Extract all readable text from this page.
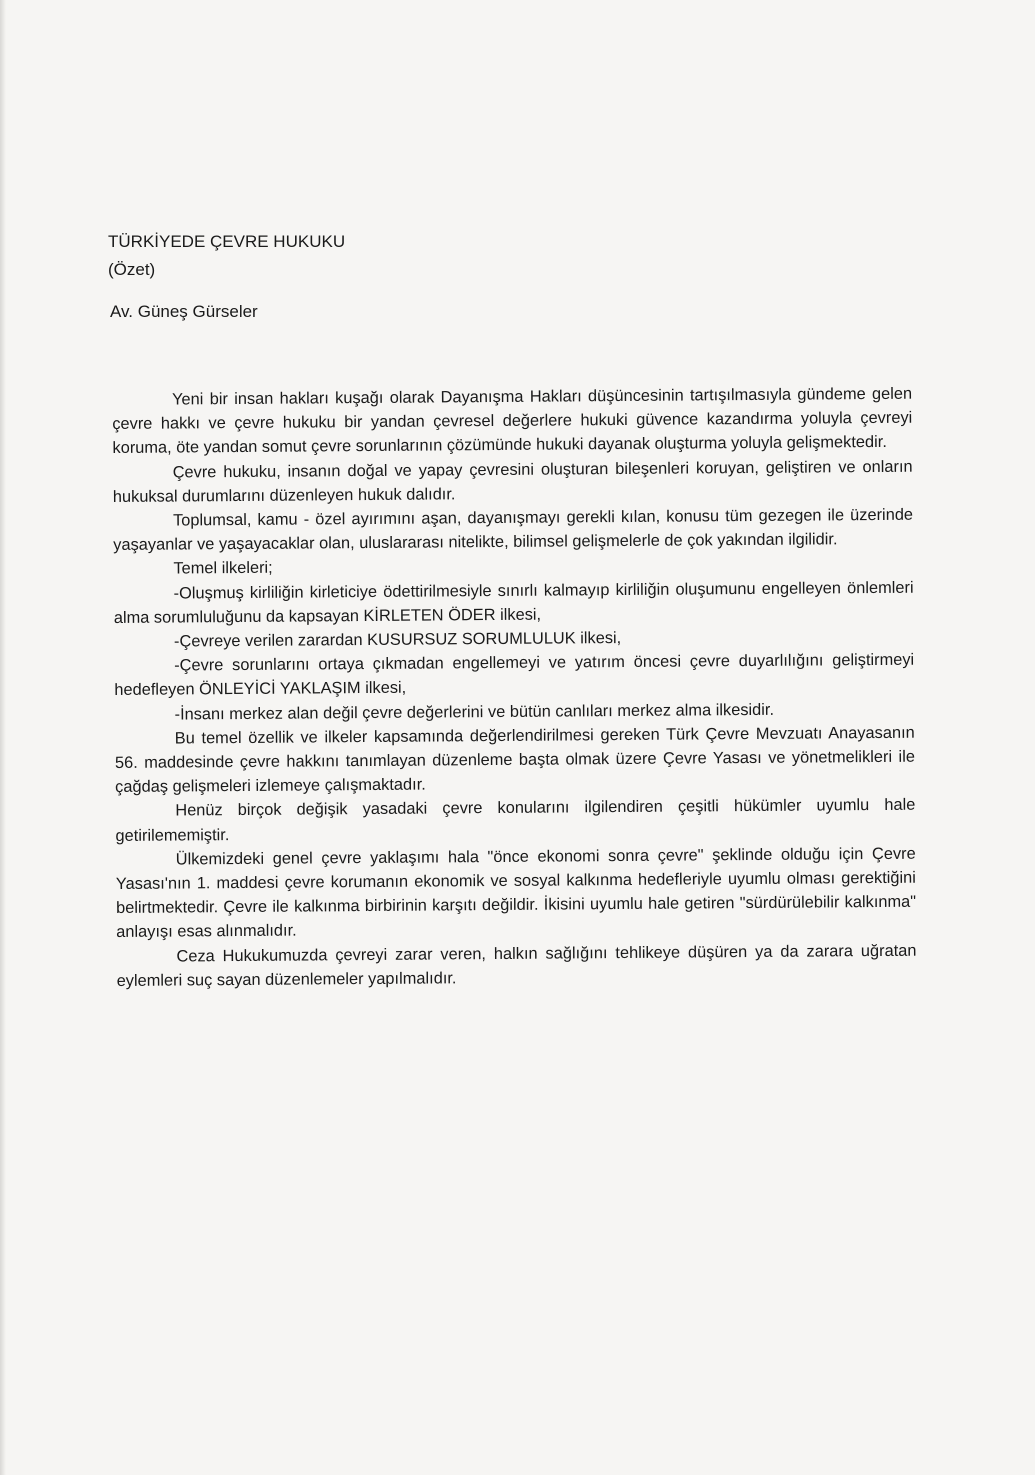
TÜRKİYEDE ÇEVRE HUKUKU
(Özet)
Av. Güneş Gürseler

Yeni bir insan hakları kuşağı olarak Dayanışma Hakları düşüncesinin tartışılmasıyla gündeme gelen çevre hakkı ve çevre hukuku bir yandan çevresel değerlere hukuki güvence kazandırma yoluyla çevreyi koruma, öte yandan somut çevre sorunlarının çözümünde hukuki dayanak oluşturma yoluyla gelişmektedir.

Çevre hukuku, insanın doğal ve yapay çevresini oluşturan bileşenleri koruyan, geliştiren ve onların hukuksal durumlarını düzenleyen hukuk dalıdır.

Toplumsal, kamu - özel ayırımını aşan, dayanışmayı gerekli kılan, konusu tüm gezegen ile üzerinde yaşayanlar ve yaşayacaklar olan, uluslararası nitelikte, bilimsel gelişmelerle de çok yakından ilgilidir.

Temel ilkeleri;

-Oluşmuş kirliliğin kirleticiye ödettirilmesiyle sınırlı kalmayıp kirliliğin oluşumunu engelleyen önlemleri alma sorumluluğunu da kapsayan KİRLETEN ÖDER ilkesi,

-Çevreye verilen zarardan KUSURSUZ SORUMLULUK ilkesi,

-Çevre sorunlarını ortaya çıkmadan engellemeyi ve yatırım öncesi çevre duyarlılığını geliştirmeyi hedefleyen ÖNLEYİCİ YAKLAŞIM ilkesi,

-İnsanı merkez alan değil çevre değerlerini ve bütün canlıları merkez alma ilkesidir.

Bu temel özellik ve ilkeler kapsamında değerlendirilmesi gereken Türk Çevre Mevzuatı Anayasanın 56. maddesinde çevre hakkını tanımlayan düzenleme başta olmak üzere Çevre Yasası ve yönetmelikleri ile çağdaş gelişmeleri izlemeye çalışmaktadır.

Henüz birçok değişik yasadaki çevre konularını ilgilendiren çeşitli hükümler uyumlu hale getirilememiştir.

Ülkemizdeki genel çevre yaklaşımı hala "önce ekonomi sonra çevre" şeklinde olduğu için Çevre Yasası'nın 1. maddesi çevre korumanın ekonomik ve sosyal kalkınma hedefleriyle uyumlu olması gerektiğini belirtmektedir. Çevre ile kalkınma birbirinin karşıtı değildir. İkisini uyumlu hale getiren "sürdürülebilir kalkınma" anlayışı esas alınmalıdır.

Ceza Hukukumuzda çevreyi zarar veren, halkın sağlığını tehlikeye düşüren ya da zarara uğratan eylemleri suç sayan düzenlemeler yapılmalıdır.
